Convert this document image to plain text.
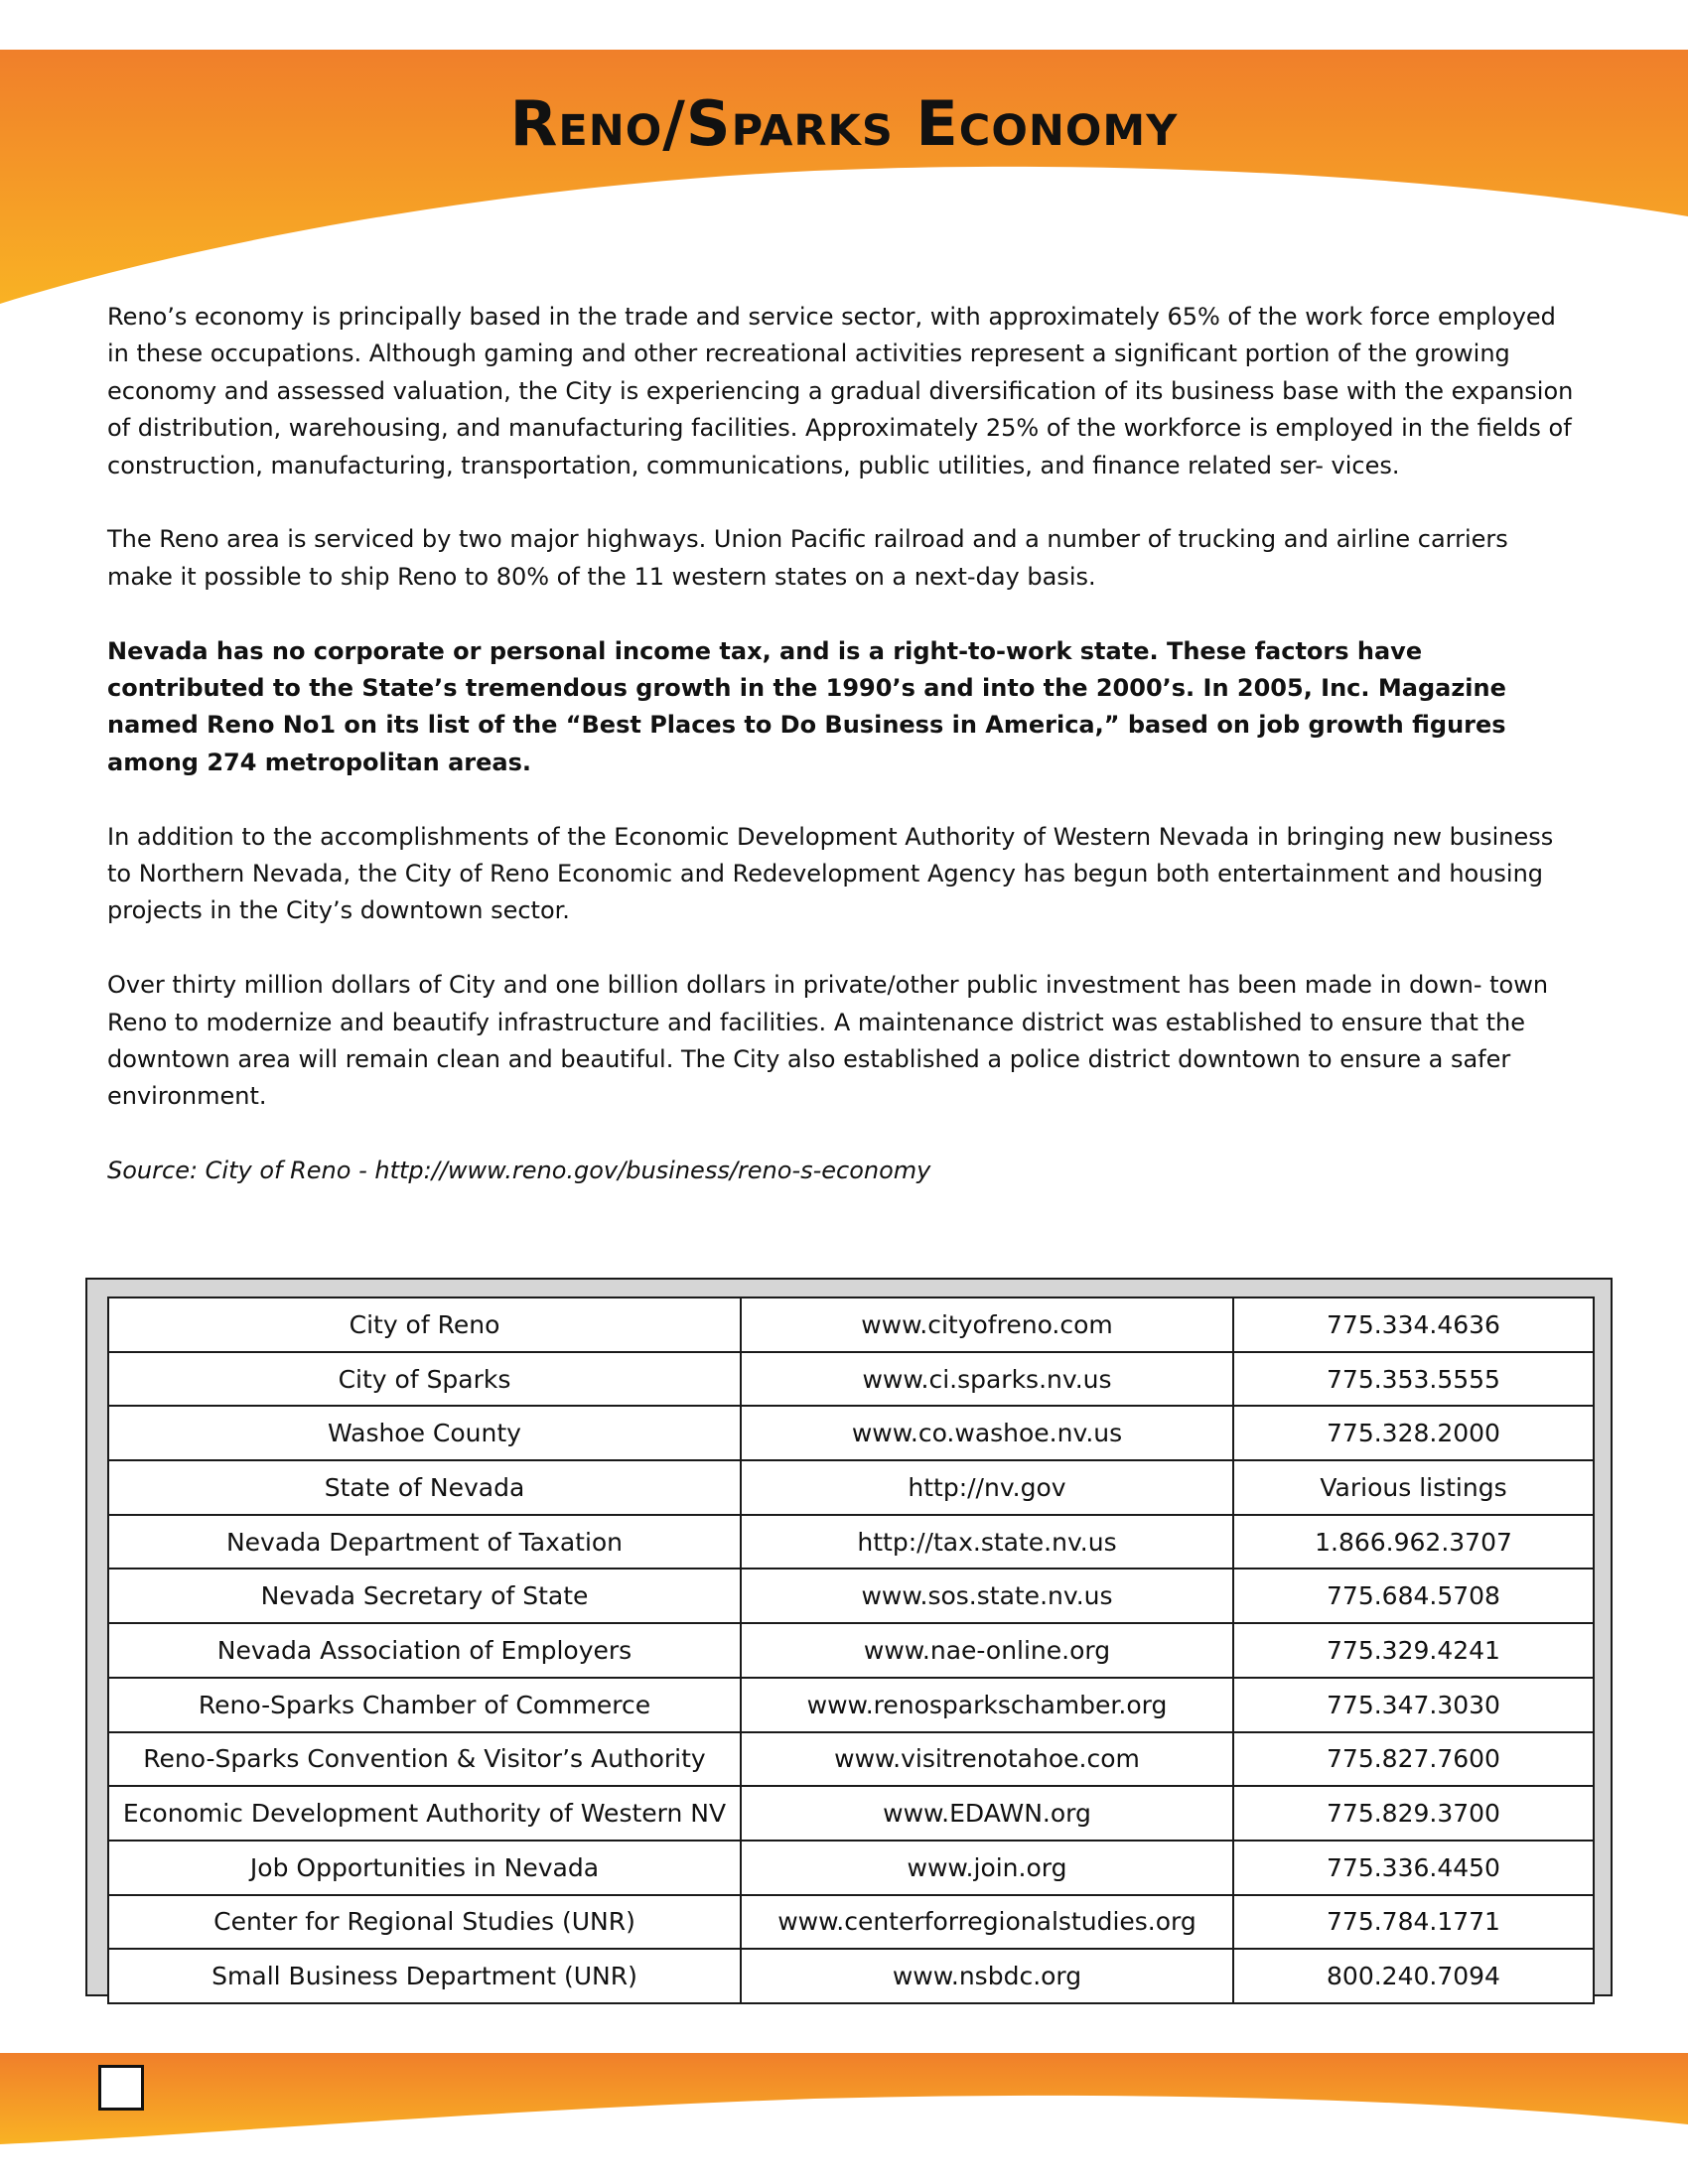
Reno/Sparks Economy

Reno’s economy is principally based in the trade and service sector, with approximately 65% of the work force employed in these occupations. Although gaming and other recreational activities represent a significant portion of the growing economy and assessed valuation, the City is experiencing a gradual diversification of its business base with the expansion of distribution, warehousing, and manufacturing facilities. Approximately 25% of the workforce is employed in the fields of construction, manufacturing, transportation, communications, public utilities, and finance related ser- vices.

The Reno area is serviced by two major highways. Union Pacific railroad and a number of trucking and airline carriers make it possible to ship Reno to 80% of the 11 western states on a next-day basis.

Nevada has no corporate or personal income tax, and is a right-to-work state. These factors have contributed to the State’s tremendous growth in the 1990’s and into the 2000’s. In 2005, Inc. Magazine named Reno No1 on its list of the “Best Places to Do Business in America,” based on job growth figures among 274 metropolitan areas.

In addition to the accomplishments of the Economic Development Authority of Western Nevada in bringing new business to Northern Nevada, the City of Reno Economic and Redevelopment Agency has begun both entertainment and housing projects in the City’s downtown sector.

Over thirty million dollars of City and one billion dollars in private/other public investment has been made in down- town Reno to modernize and beautify infrastructure and facilities. A maintenance district was established to ensure that the downtown area will remain clean and beautiful. The City also established a police district downtown to ensure a safer environment.

Source: City of Reno - http://www.reno.gov/business/reno-s-economy

City of Reno	www.cityofreno.com	775.334.4636
City of Sparks	www.ci.sparks.nv.us	775.353.5555
Washoe County	www.co.washoe.nv.us	775.328.2000
State of Nevada	http://nv.gov	Various listings
Nevada Department of Taxation	http://tax.state.nv.us	1.866.962.3707
Nevada Secretary of State	www.sos.state.nv.us	775.684.5708
Nevada Association of Employers	www.nae-online.org	775.329.4241
Reno-Sparks Chamber of Commerce	www.renosparkschamber.org	775.347.3030
Reno-Sparks Convention & Visitor’s Authority	www.visitrenotahoe.com	775.827.7600
Economic Development Authority of Western NV	www.EDAWN.org	775.829.3700
Job Opportunities in Nevada	www.join.org	775.336.4450
Center for Regional Studies (UNR)	www.centerforregionalstudies.org	775.784.1771
Small Business Department (UNR)	www.nsbdc.org	800.240.7094
